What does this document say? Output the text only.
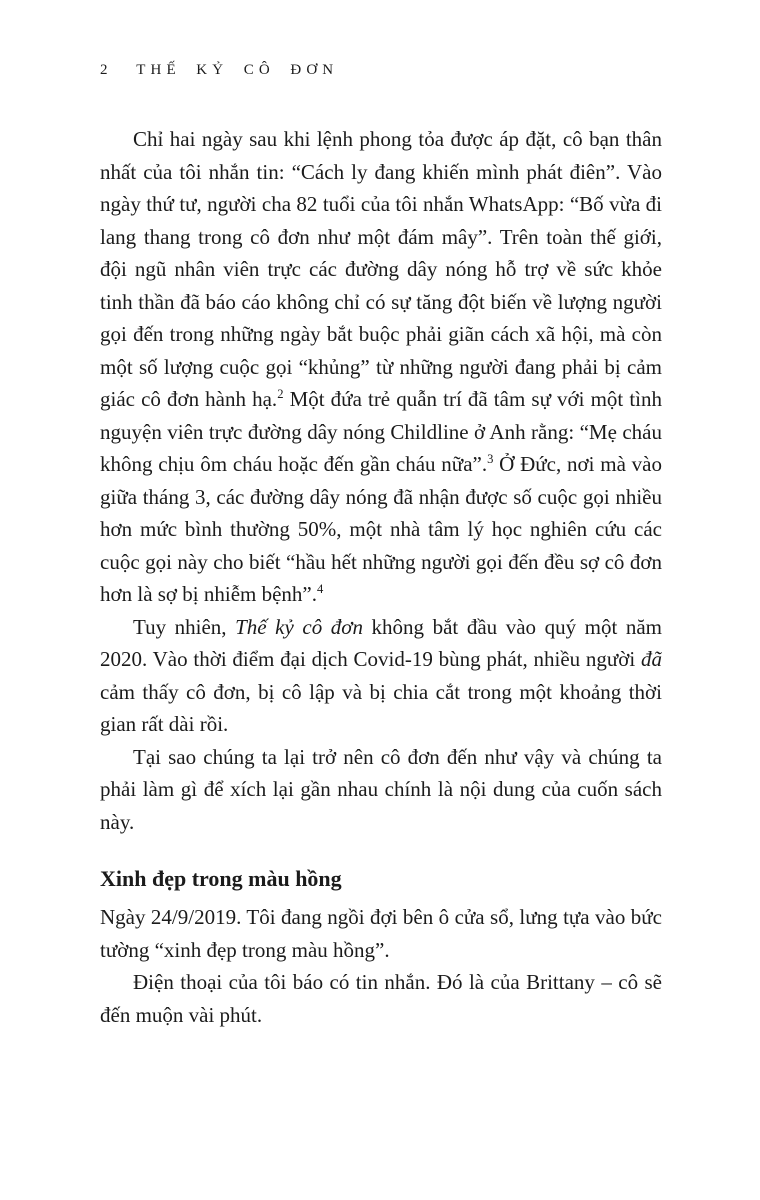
2 THẾ KỶ CÔ ĐƠN

Chỉ hai ngày sau khi lệnh phong tỏa được áp đặt, cô bạn thân nhất của tôi nhắn tin: “Cách ly đang khiến mình phát điên”. Vào ngày thứ tư, người cha 82 tuổi của tôi nhắn WhatsApp: “Bố vừa đi lang thang trong cô đơn như một đám mây”. Trên toàn thế giới, đội ngũ nhân viên trực các đường dây nóng hỗ trợ về sức khỏe tinh thần đã báo cáo không chỉ có sự tăng đột biến về lượng người gọi đến trong những ngày bắt buộc phải giãn cách xã hội, mà còn một số lượng cuộc gọi “khủng” từ những người đang phải bị cảm giác cô đơn hành hạ.$^2$ Một đứa trẻ quẫn trí đã tâm sự với một tình nguyện viên trực đường dây nóng Childline ở Anh rằng: “Mẹ cháu không chịu ôm cháu hoặc đến gần cháu nữa”.$^3$ Ở Đức, nơi mà vào giữa tháng 3, các đường dây nóng đã nhận được số cuộc gọi nhiều hơn mức bình thường 50%, một nhà tâm lý học nghiên cứu các cuộc gọi này cho biết “hầu hết những người gọi đến đều sợ cô đơn hơn là sợ bị nhiễm bệnh”.$^4$

Tuy nhiên, Thế kỷ cô đơn không bắt đầu vào quý một năm 2020. Vào thời điểm đại dịch Covid-19 bùng phát, nhiều người đã cảm thấy cô đơn, bị cô lập và bị chia cắt trong một khoảng thời gian rất dài rồi.

Tại sao chúng ta lại trở nên cô đơn đến như vậy và chúng ta phải làm gì để xích lại gần nhau chính là nội dung của cuốn sách này.

Xinh đẹp trong màu hồng

Ngày 24/9/2019. Tôi đang ngồi đợi bên ô cửa sổ, lưng tựa vào bức tường “xinh đẹp trong màu hồng”.

Điện thoại của tôi báo có tin nhắn. Đó là của Brittany – cô sẽ đến muộn vài phút.
